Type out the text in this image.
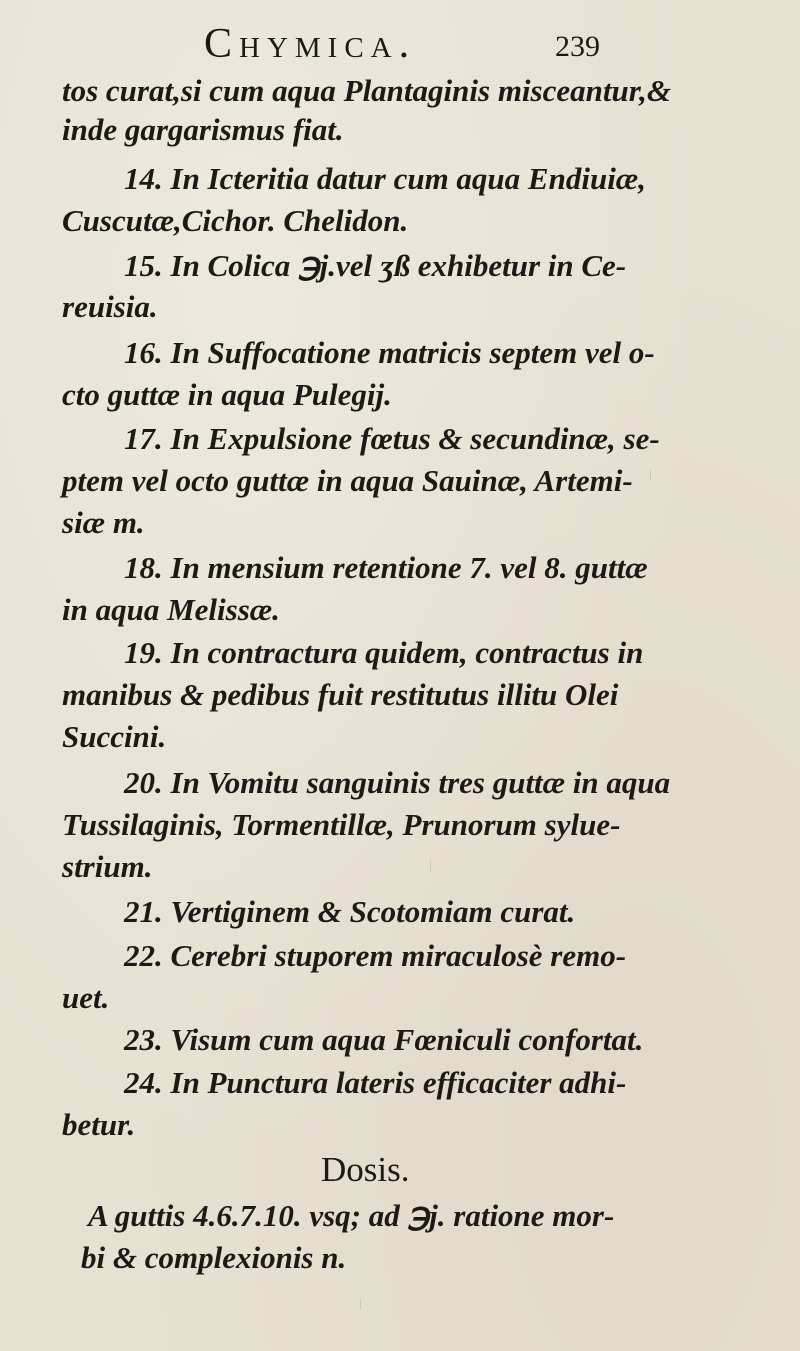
Chymica.	239
tos curat,si cum aqua Plantaginis misceantur,&
inde gargarismus fiat.
14. In Icteritia datur cum aqua Endiuiæ,
Cuscutæ,Cichor. Chelidon.
15. In Colica ℈j.vel ʒß exhibetur in Ce-
reuisia.
16. In Suffocatione matricis septem vel o-
cto guttæ in aqua Pulegij.
17. In Expulsione fœtus & secundinæ, se-
ptem vel octo guttæ in aqua Sauinæ, Artemi-
siæ m.
18. In mensium retentione 7. vel 8. guttæ
in aqua Melissæ.
19. In contractura quidem, contractus in
manibus & pedibus fuit restitutus illitu Olei
Succini.
20. In Vomitu sanguinis tres guttæ in aqua
Tussilaginis, Tormentillæ, Prunorum sylue-
strium.
21. Vertiginem & Scotomiam curat.
22. Cerebri stuporem miraculosè remo-
uet.
23. Visum cum aqua Fœniculi confortat.
24. In Punctura lateris efficaciter adhi-
betur.
Dosis.
A guttis 4.6.7.10. vsq; ad ℈j. ratione mor-
bi & complexionis n.
